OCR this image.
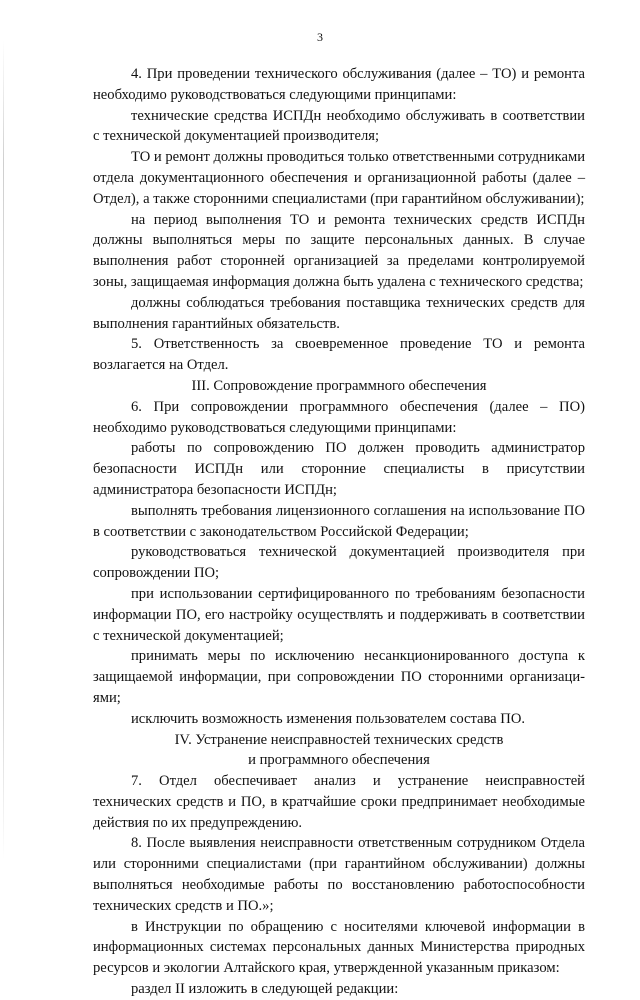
3

4. При проведении технического обслуживания (далее – ТО) и ремонта необходимо руководствоваться следующими принципами:

технические средства ИСПДн необходимо обслуживать в соответствии с технической документацией производителя;

ТО и ремонт должны проводиться только ответственными сотрудниками отдела документационного обеспечения и организационной работы (далее – Отдел), а также сторонними специалистами (при гарантийном обслуживании);

на период выполнения ТО и ремонта технических средств ИСПДн должны выполняться меры по защите персональных данных. В случае выполнения работ сторонней организацией за пределами контролируемой зоны, защищаемая информация должна быть удалена с технического средства;

должны соблюдаться требования поставщика технических средств для выполнения гарантийных обязательств.

5. Ответственность за своевременное проведение ТО и ремонта возлагается на Отдел.

III. Сопровождение программного обеспечения

6. При сопровождении программного обеспечения (далее – ПО) необходимо руководствоваться следующими принципами:

работы по сопровождению ПО должен проводить администратор безопасности ИСПДн или сторонние специалисты в присутствии администратора безопасности ИСПДн;

выполнять требования лицензионного соглашения на использование ПО в соответствии с законодательством Российской Федерации;

руководствоваться технической документацией производителя при сопровождении ПО;

при использовании сертифицированного по требованиям безопасности информации ПО, его настройку осуществлять и поддерживать в соответствии с технической документацией;

принимать меры по исключению несанкционированного доступа к защищаемой информации, при сопровождении ПО сторонними организациями;

исключить возможность изменения пользователем состава ПО.

IV. Устранение неисправностей технических средств

и программного обеспечения

7. Отдел обеспечивает анализ и устранение неисправностей технических средств и ПО, в кратчайшие сроки предпринимает необходимые действия по их предупреждению.

8. После выявления неисправности ответственным сотрудником Отдела или сторонними специалистами (при гарантийном обслуживании) должны выполняться необходимые работы по восстановлению работоспособности технических средств и ПО.»;

в Инструкции по обращению с носителями ключевой информации в информационных системах персональных данных Министерства природных ресурсов и экологии Алтайского края, утвержденной указанным приказом:

раздел II изложить в следующей редакции:
